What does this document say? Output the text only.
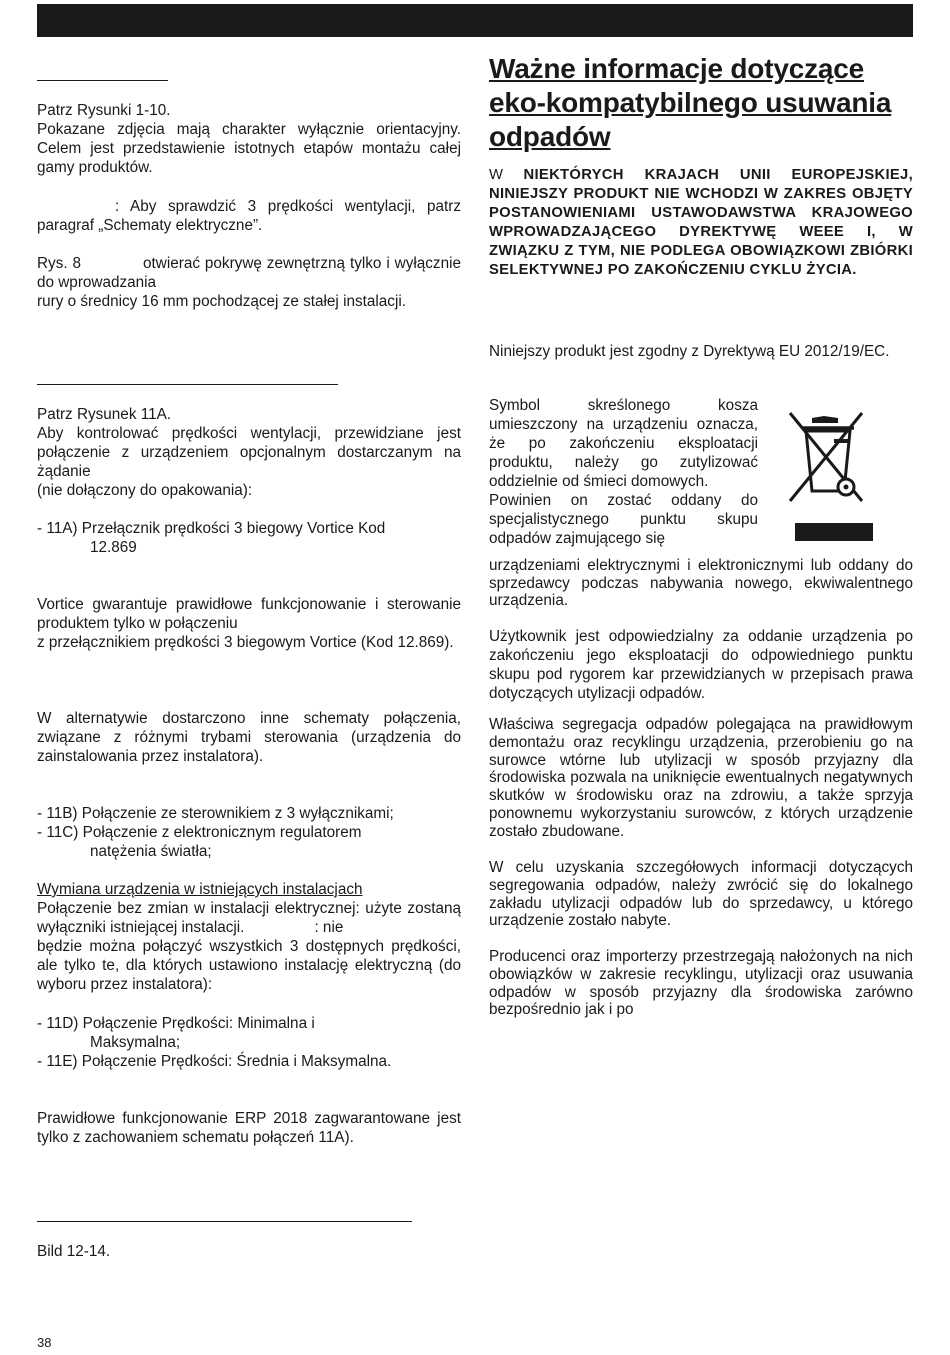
Patrz Rysunki 1-10.

Pokazane zdjęcia mają charakter wyłącznie orientacyjny. Celem jest przedstawienie istotnych etapów montażu całej gamy produktów.

: Aby sprawdzić 3 prędkości wentylacji, patrz paragraf „Schematy elektryczne”.

Rys. 8	otwierać pokrywę zewnętrzną tylko i wyłącznie do wprowadzania

rury o średnicy 16 mm pochodzącej ze stałej instalacji.

Patrz Rysunek 11A.

Aby kontrolować prędkości wentylacji, przewidziane jest połączenie z urządzeniem opcjonalnym dostarczanym na żądanie

(nie dołączony do opakowania):

- 11A) Przełącznik prędkości 3 biegowy Vortice Kod

12.869

Vortice gwarantuje prawidłowe funkcjonowanie i sterowanie produktem tylko w połączeniu

z przełącznikiem prędkości 3 biegowym Vortice (Kod 12.869).

W alternatywie dostarczono inne schematy połączenia, związane z różnymi trybami sterowania (urządzenia do zainstalowania przez instalatora).

- 11B) Połączenie ze sterownikiem z 3 wyłącznikami;

- 11C) Połączenie z elektronicznym regulatorem

natężenia światła;

Wymiana urządzenia w istniejących instalacjach

Połączenie bez zmian w instalacji elektrycznej: użyte zostaną wyłączniki istniejącej instalacji.	: nie

będzie można połączyć wszystkich 3 dostępnych prędkości, ale tylko te, dla których ustawiono instalację elektryczną (do wyboru przez instalatora):

- 11D) Połączenie Prędkości: Minimalna i

Maksymalna;

- 11E) Połączenie Prędkości: Średnia i Maksymalna.

Prawidłowe funkcjonowanie ERP 2018 zagwarantowane jest tylko z zachowaniem schematu połączeń 11A).

Bild 12-14.

Ważne informacje dotyczące eko-kompatybilnego usuwania odpadów

W NIEKTÓRYCH KRAJACH UNII EUROPEJSKIEJ, NINIEJSZY PRODUKT NIE WCHODZI W ZAKRES OBJĘTY POSTANOWIENIAMI USTAWODAWSTWA KRAJOWEGO WPROWADZAJĄCEGO DYREKTYWĘ WEEE I, W ZWIĄZKU Z TYM, NIE PODLEGA OBOWIĄZKOWI ZBIÓRKI SELEKTYWNEJ PO ZAKOŃCZENIU CYKLU ŻYCIA.

Niniejszy produkt jest zgodny z Dyrektywą EU 2012/19/EC.

Symbol skreślonego kosza umieszczony na urządzeniu oznacza, że po zakończeniu eksploatacji produktu, należy go zutylizować oddzielnie od śmieci domowych.

Powinien on zostać oddany do specjalistycznego punktu skupu odpadów zajmującego się

urządzeniami elektrycznymi i elektronicznymi lub oddany do sprzedawcy podczas nabywania nowego, ekwiwalentnego urządzenia.

Użytkownik jest odpowiedzialny za oddanie urządzenia po zakończeniu jego eksploatacji do odpowiedniego punktu skupu pod rygorem kar przewidzianych w przepisach prawa dotyczących utylizacji odpadów.

Właściwa segregacja odpadów polegająca na prawidłowym demontażu oraz recyklingu urządzenia, przerobieniu go na surowce wtórne lub utylizacji w sposób przyjazny dla środowiska pozwala na uniknięcie ewentualnych negatywnych skutków w środowisku oraz na zdrowiu, a także sprzyja ponownemu wykorzystaniu surowców, z których urządzenie zostało zbudowane.

W celu uzyskania szczegółowych informacji dotyczących segregowania odpadów, należy zwrócić się do lokalnego zakładu utylizacji odpadów lub do sprzedawcy, u którego urządzenie zostało nabyte.

Producenci oraz importerzy przestrzegają nałożonych na nich obowiązków w zakresie recyklingu, utylizacji oraz usuwania odpadów w sposób przyjazny dla środowiska zarówno bezpośrednio jak i po

38
